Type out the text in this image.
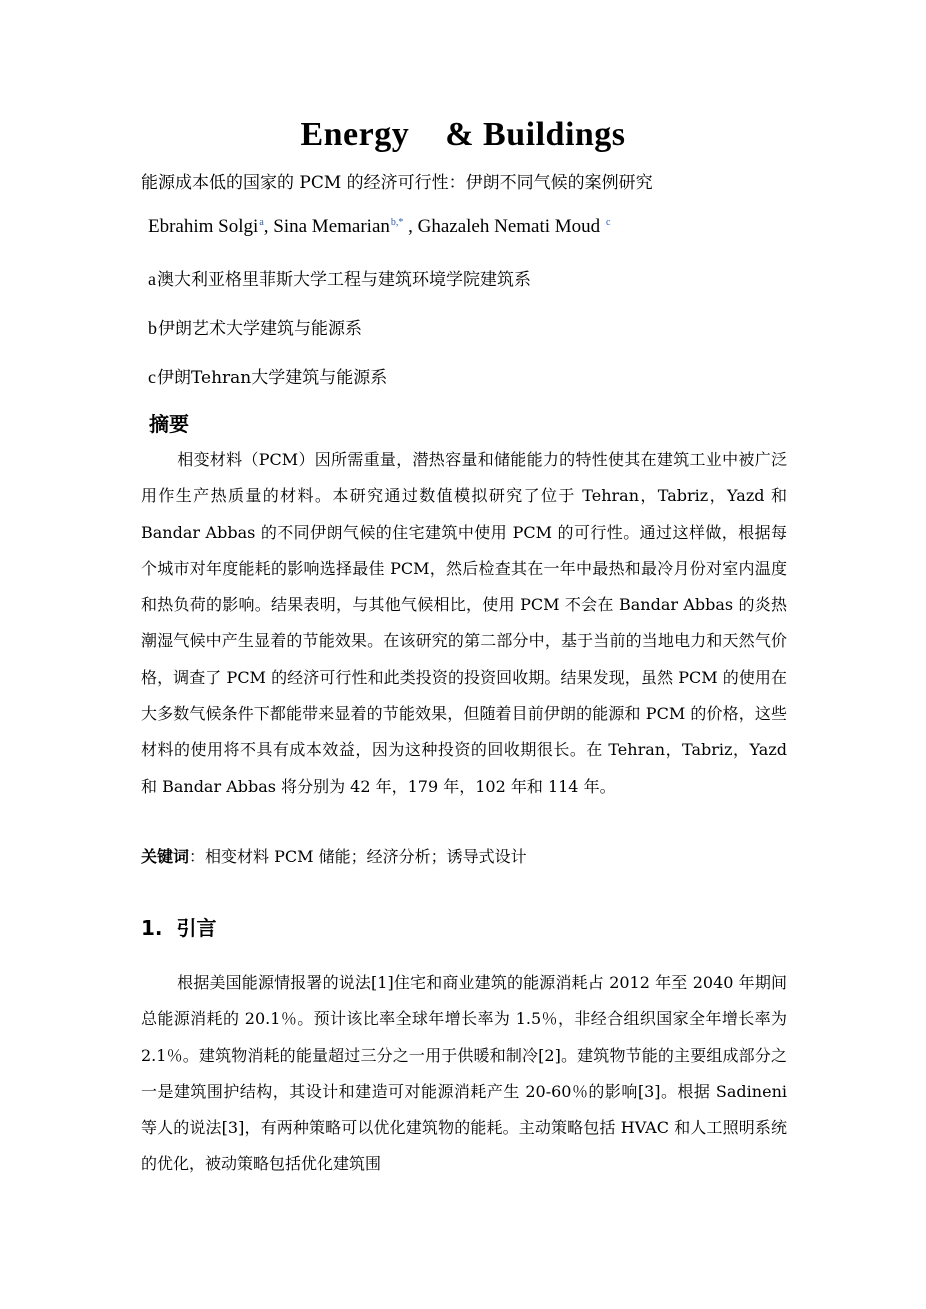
Energy & Buildings
能源成本低的国家的 PCM 的经济可行性：伊朗不同气候的案例研究
Ebrahim Solgi$^a$, Sina Memarian$^{b,*}$ , Ghazaleh Nemati Moud $^c$
a澳大利亚格里菲斯大学工程与建筑环境学院建筑系
b伊朗艺术大学建筑与能源系
c伊朗Tehran大学建筑与能源系
摘要

相变材料（PCM）因所需重量，潜热容量和储能能力的特性使其在建筑工业中被广泛用作生产热质量的材料。本研究通过数值模拟研究了位于 Tehran，Tabriz，Yazd 和 Bandar Abbas 的不同伊朗气候的住宅建筑中使用 PCM 的可行性。通过这样做，根据每个城市对年度能耗的影响选择最佳 PCM，然后检查其在一年中最热和最冷月份对室内温度和热负荷的影响。结果表明，与其他气候相比，使用 PCM 不会在 Bandar Abbas 的炎热潮湿气候中产生显着的节能效果。在该研究的第二部分中，基于当前的当地电力和天然气价格，调查了 PCM 的经济可行性和此类投资的投资回收期。结果发现，虽然 PCM 的使用在大多数气候条件下都能带来显着的节能效果，但随着目前伊朗的能源和 PCM 的价格，这些材料的使用将不具有成本效益，因为这种投资的回收期很长。在 Tehran，Tabriz，Yazd 和 Bandar Abbas 将分别为 42 年，179 年，102 年和 114 年。

关键词：相变材料 PCM 储能；经济分析；诱导式设计
1. 引言

根据美国能源情报署的说法[1]住宅和商业建筑的能源消耗占 2012 年至 2040 年期间总能源消耗的 20.1％。预计该比率全球年增长率为 1.5％，非经合组织国家全年增长率为 2.1％。建筑物消耗的能量超过三分之一用于供暖和制冷[2]。建筑物节能的主要组成部分之一是建筑围护结构，其设计和建造可对能源消耗产生 20-60％的影响[3]。根据 Sadineni 等人的说法[3]，有两种策略可以优化建筑物的能耗。主动策略包括 HVAC 和人工照明系统的优化，被动策略包括优化建筑围
